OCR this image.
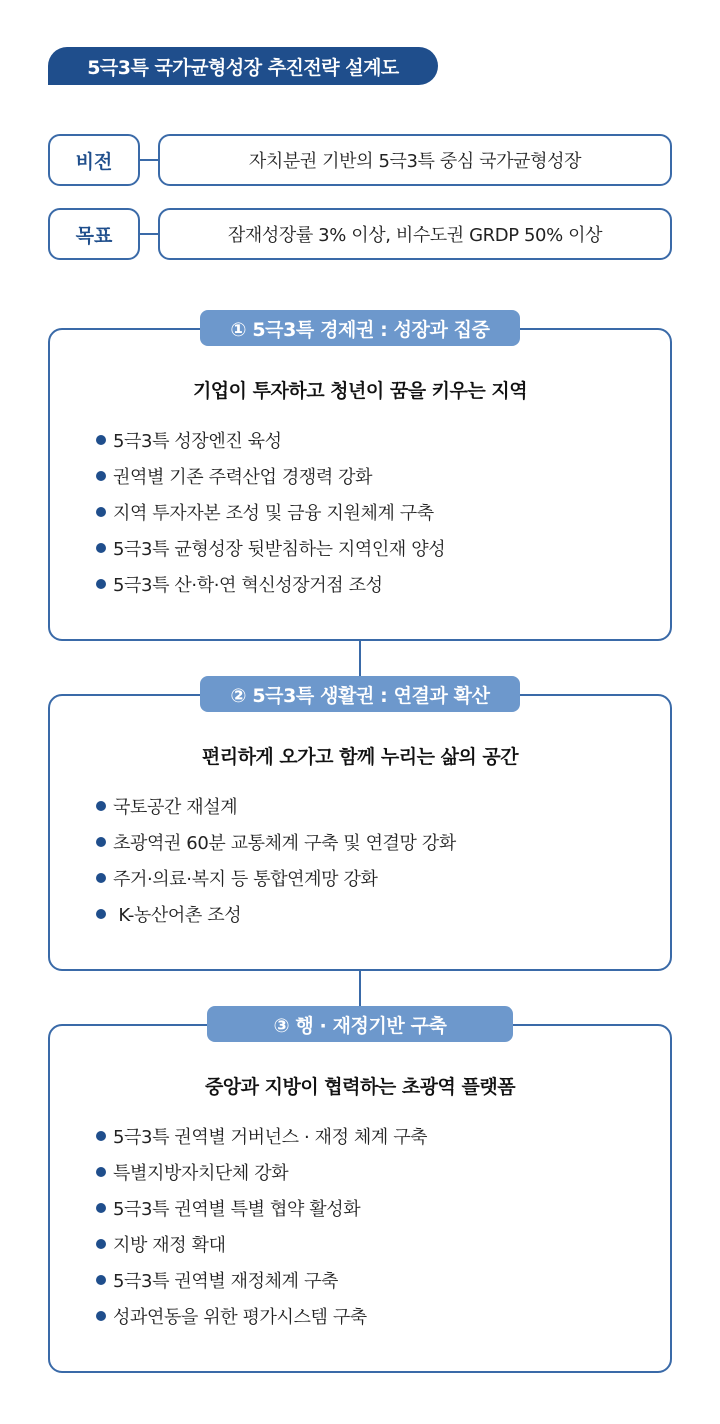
5극3특 국가균형성장 추진전략 설계도
비전	자치분권 기반의 5극3특 중심 국가균형성장
목표	잠재성장률 3% 이상, 비수도권 GRDP 50% 이상
기업이 투자하고 청년이 꿈을 키우는 지역
5극3특 성장엔진 육성
권역별 기존 주력산업 경쟁력 강화
지역 투자자본 조성 및 금융 지원체계 구축
5극3특 균형성장 뒷받침하는 지역인재 양성
5극3특 산·학·연 혁신성장거점 조성
① 5극3특 경제권 : 성장과 집중
편리하게 오가고 함께 누리는 삶의 공간
국토공간 재설계
초광역권 60분 교통체계 구축 및 연결망 강화
주거·의료·복지 등 통합연계망 강화
K-농산어촌 조성
② 5극3특 생활권 : 연결과 확산
중앙과 지방이 협력하는 초광역 플랫폼
5극3특 권역별 거버넌스 · 재정 체계 구축
특별지방자치단체 강화
5극3특 권역별 특별 협약 활성화
지방 재정 확대
5극3특 권역별 재정체계 구축
성과연동을 위한 평가시스템 구축
③ 행 · 재정기반 구축
